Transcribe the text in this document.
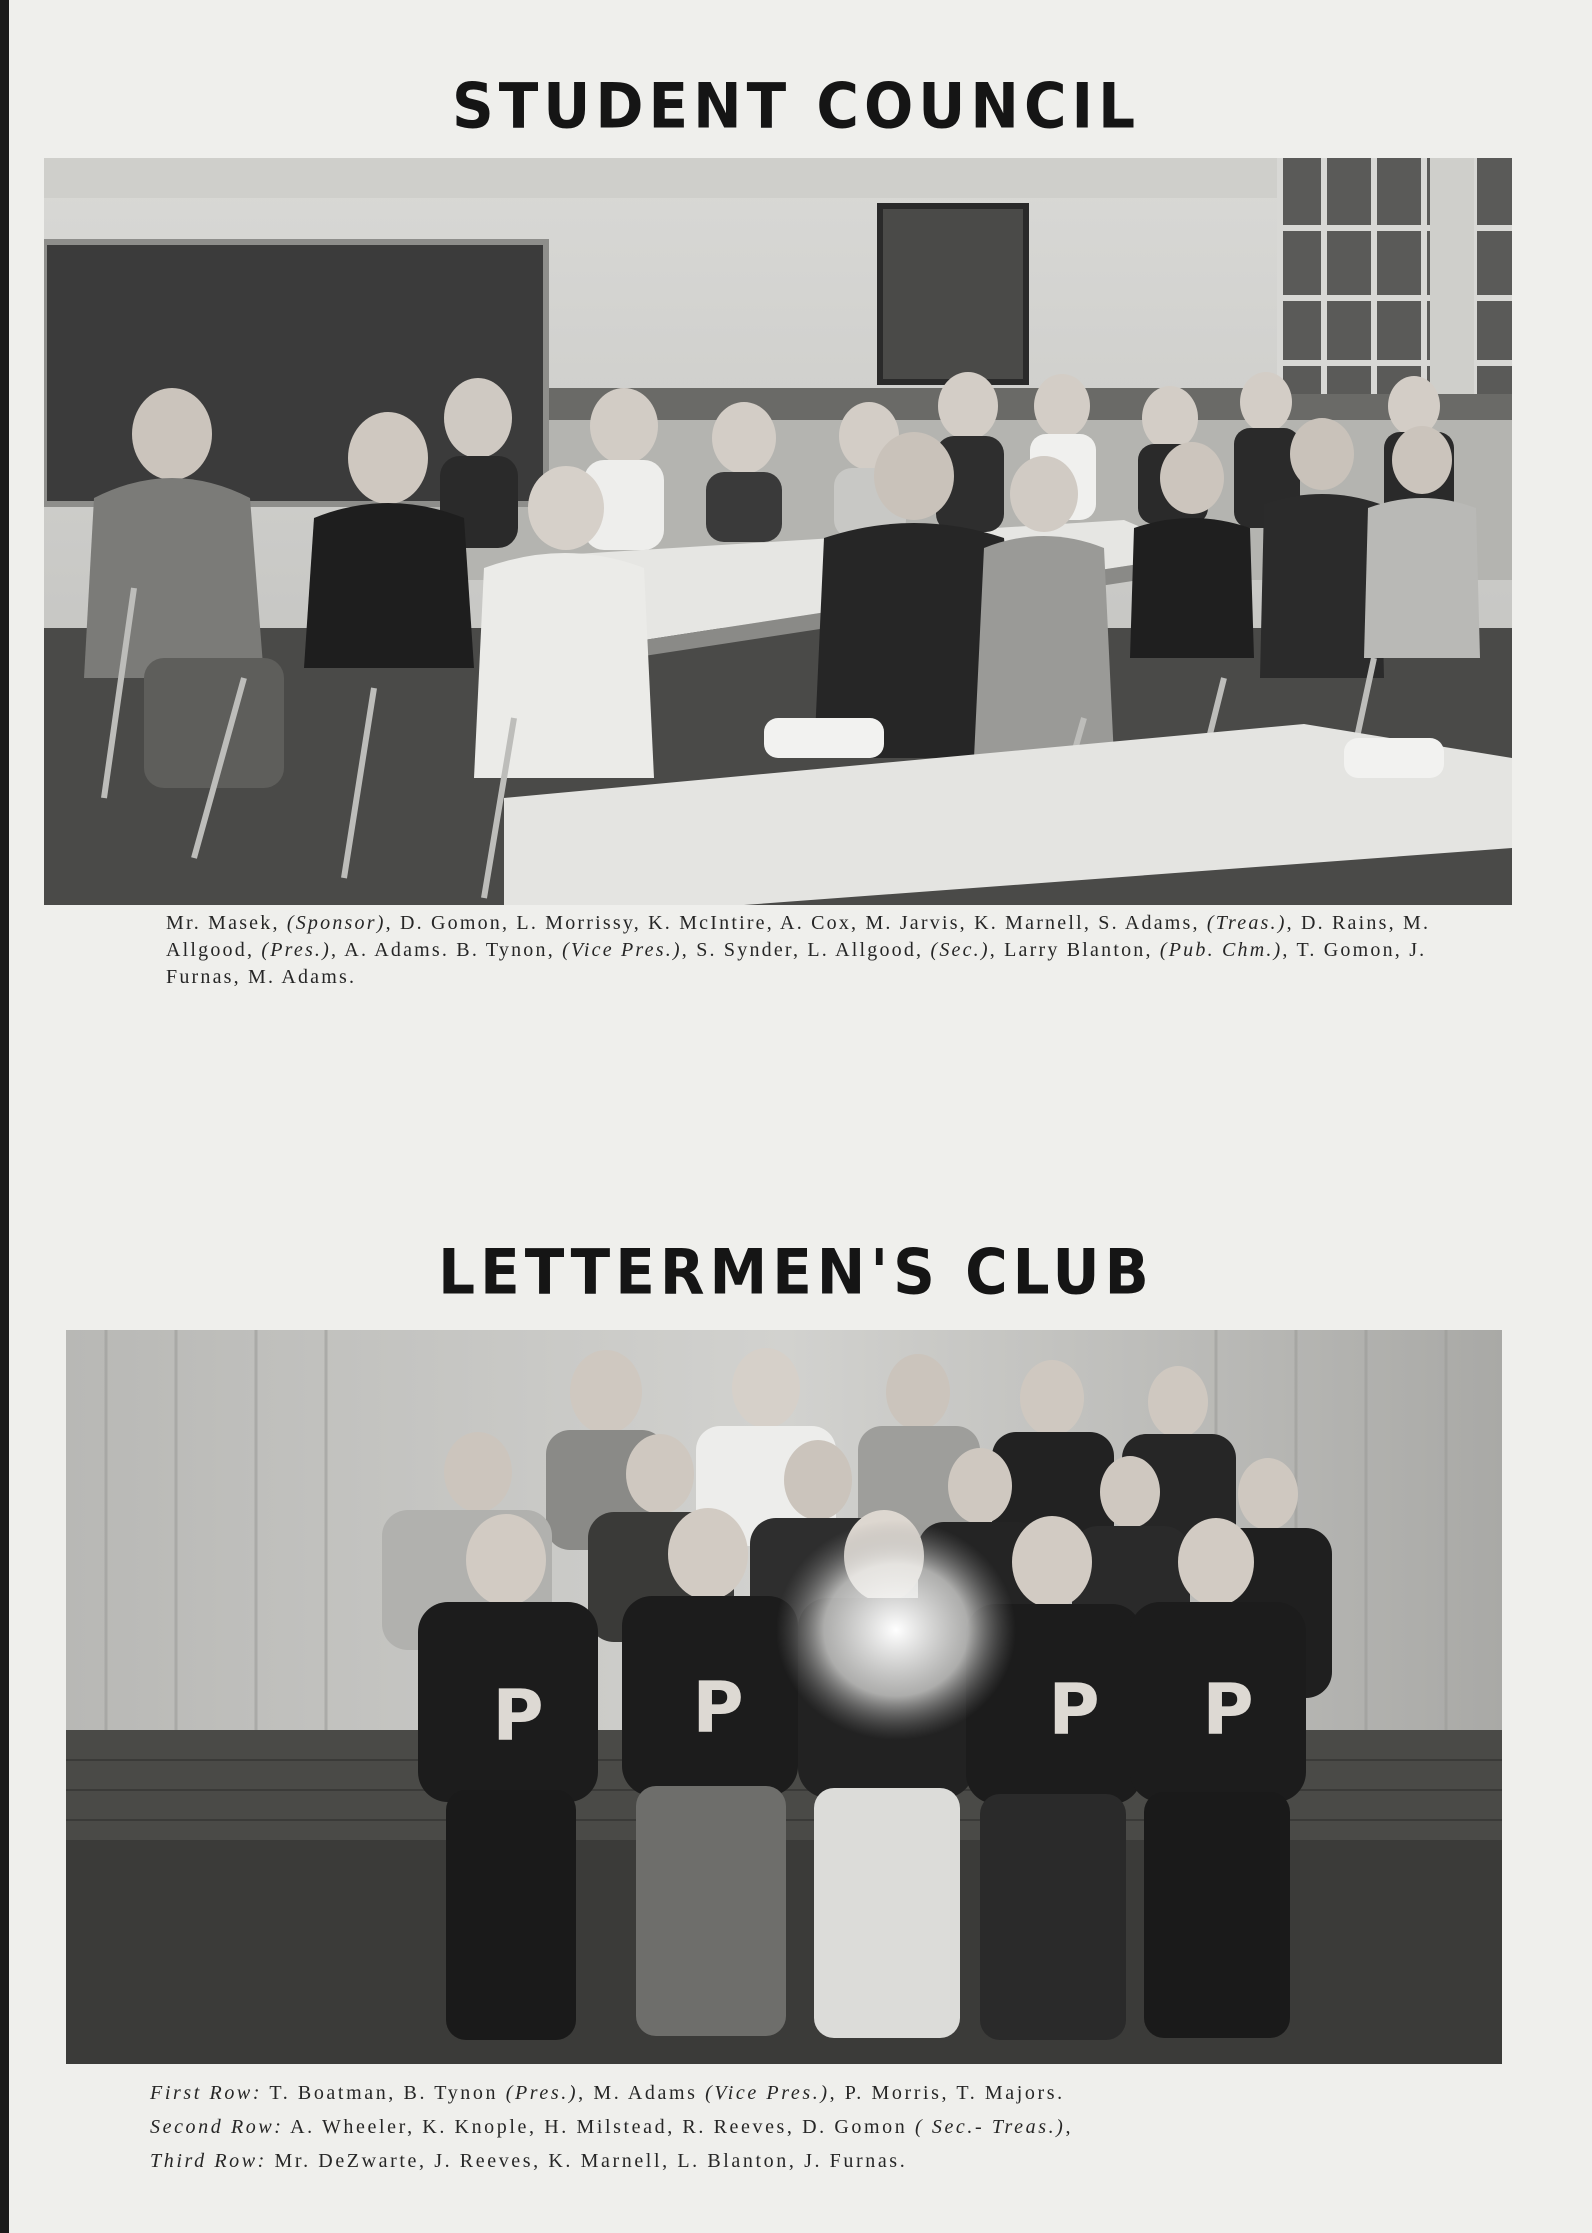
STUDENT COUNCIL

Mr. Masek, (Sponsor), D. Gomon, L. Morrissy, K. McIntire, A. Cox, M. Jarvis, K. Marnell, S. Adams, (Treas.), D. Rains, M. Allgood, (Pres.), A. Adams. B. Tynon, (Vice Pres.), S. Synder, L. Allgood, (Sec.), Larry Blanton, (Pub. Chm.), T. Gomon, J. Furnas, M. Adams.

LETTERMEN'S CLUB
P P	P P
First Row: T. Boatman, B. Tynon (Pres.), M. Adams (Vice Pres.), P. Morris, T. Majors.
Second Row: A. Wheeler, K. Knople, H. Milstead, R. Reeves, D. Gomon ( Sec.- Treas.),
Third Row: Mr. DeZwarte, J. Reeves, K. Marnell, L. Blanton, J. Furnas.
